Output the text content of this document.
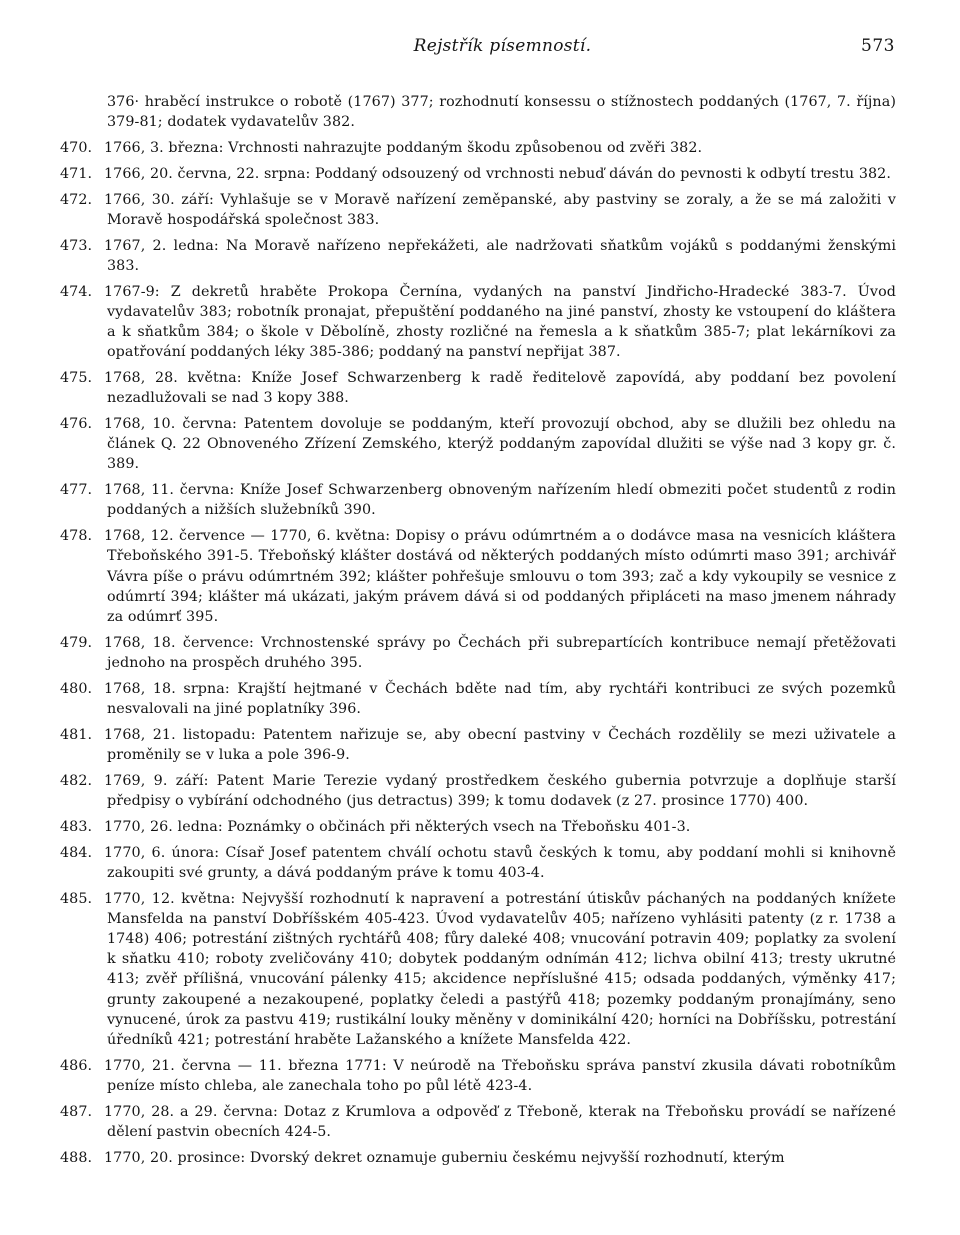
Rejstřík písemností.	573

376· hraběcí instrukce o robotě (1767) 377; rozhodnutí konsessu o stížnostech poddaných (1767, 7. října) 379-81; dodatek vydavatelův 382.

470. 1766, 3. března: Vrchnosti nahrazujte poddaným škodu způsobenou od zvěři 382.

471. 1766, 20. června, 22. srpna: Poddaný odsouzený od vrchnosti nebuď dáván do pevnosti k odbytí trestu 382.

472. 1766, 30. září: Vyhlašuje se v Moravě nařízení zeměpanské, aby pastviny se zoraly, a že se má založiti v Moravě hospodářská společnost 383.

473. 1767, 2. ledna: Na Moravě nařízeno nepřekážeti, ale nadržovati sňatkům vojáků s poddanými ženskými 383.

474. 1767-9: Z dekretů hraběte Prokopa Černína, vydaných na panství Jindřicho-Hradecké 383-7. Úvod vydavatelův 383; robotník pronajat, přepuštění poddaného na jiné panství, zhosty ke vstoupení do kláštera a k sňatkům 384; o škole v Děbolíně, zhosty rozličné na řemesla a k sňatkům 385-7; plat lekárníkovi za opatřování poddaných léky 385-386; poddaný na panství nepřijat 387.

475. 1768, 28. května: Kníže Josef Schwarzenberg k radě ředitelově zapovídá, aby poddaní bez povolení nezadlužovali se nad 3 kopy 388.

476. 1768, 10. června: Patentem dovoluje se poddaným, kteří provozují obchod, aby se dlužili bez ohledu na článek Q. 22 Obnoveného Zřízení Zemského, kterýž poddaným zapovídal dlužiti se výše nad 3 kopy gr. č. 389.

477. 1768, 11. června: Kníže Josef Schwarzenberg obnoveným nařízením hledí obmeziti počet studentů z rodin poddaných a nižších služebníků 390.

478. 1768, 12. července — 1770, 6. května: Dopisy o právu odúmrtném a o dodávce masa na vesnicích kláštera Třeboňského 391-5. Třeboňský klášter dostává od některých poddaných místo odúmrti maso 391; archivář Vávra píše o právu odúmrtném 392; klášter pohřešuje smlouvu o tom 393; zač a kdy vykoupily se vesnice z odúmrtí 394; klášter má ukázati, jakým právem dává si od poddaných připláceti na maso jmenem náhrady za odúmrť 395.

479. 1768, 18. července: Vrchnostenské správy po Čechách při subrepartících kontribuce nemají přetěžovati jednoho na prospěch druhého 395.

480. 1768, 18. srpna: Krajští hejtmané v Čechách bděte nad tím, aby rychtáři kontribuci ze svých pozemků nesvalovali na jiné poplatníky 396.

481. 1768, 21. listopadu: Patentem nařizuje se, aby obecní pastviny v Čechách rozdělily se mezi uživatele a proměnily se v luka a pole 396-9.

482. 1769, 9. září: Patent Marie Terezie vydaný prostředkem českého gubernia potvrzuje a doplňuje starší předpisy o vybírání odchodného (jus detractus) 399; k tomu dodavek (z 27. prosince 1770) 400.

483. 1770, 26. ledna: Poznámky o občinách při některých vsech na Třeboňsku 401-3.

484. 1770, 6. února: Císař Josef patentem chválí ochotu stavů českých k tomu, aby poddaní mohli si knihovně zakoupiti své grunty, a dává poddaným práve k tomu 403-4.

485. 1770, 12. května: Nejvyšší rozhodnutí k napravení a potrestání útiskův páchaných na poddaných knížete Mansfelda na panství Dobříšském 405-423. Úvod vydavatelův 405; nařízeno vyhlásiti patenty (z r. 1738 a 1748) 406; potrestání zištných rychtářů 408; fůry daleké 408; vnucování potravin 409; poplatky za svolení k sňatku 410; roboty zveličovány 410; dobytek poddaným odnímán 412; lichva obilní 413; tresty ukrutné 413; zvěř přílišná, vnucování pálenky 415; akcidence nepříslušné 415; odsada poddaných, výměnky 417; grunty zakoupené a nezakoupené, poplatky čeledi a pastýřů 418; pozemky poddaným pronajímány, seno vynucené, úrok za pastvu 419; rustikální louky měněny v dominikální 420; horníci na Dobříšsku, potrestání úředníků 421; potrestání hraběte Lažanského a knížete Mansfelda 422.

486. 1770, 21. června — 11. března 1771: V neúrodě na Třeboňsku správa panství zkusila dávati robotníkům peníze místo chleba, ale zanechala toho po půl létě 423-4.

487. 1770, 28. a 29. června: Dotaz z Krumlova a odpověď z Třeboně, kterak na Třeboňsku provádí se nařízené dělení pastvin obecních 424-5.

488. 1770, 20. prosince: Dvorský dekret oznamuje guberniu českému nejvyšší rozhodnutí, kterým
